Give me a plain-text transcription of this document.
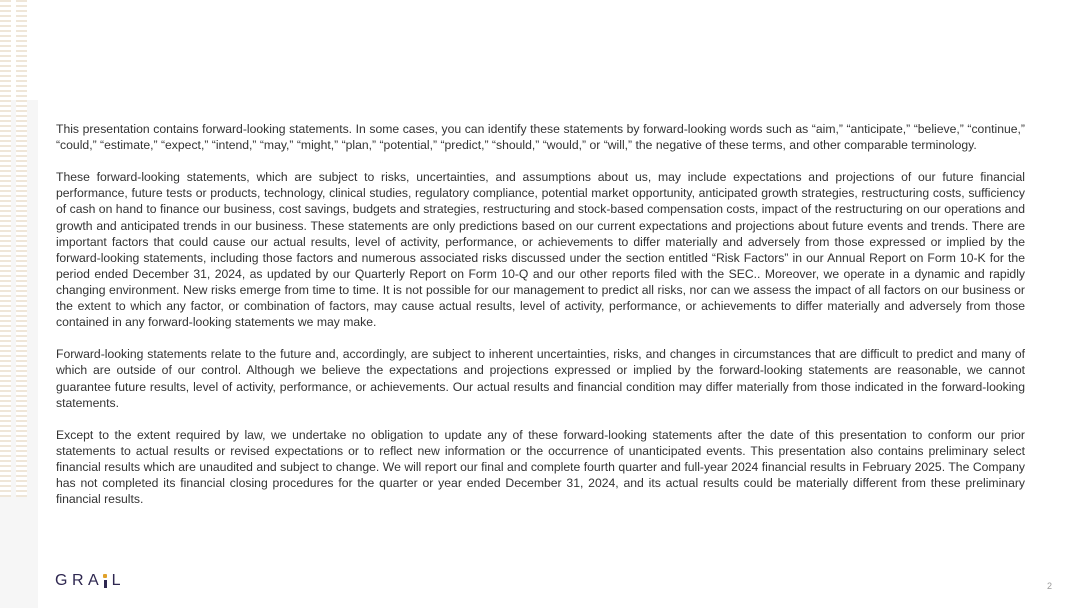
This presentation contains forward-looking statements. In some cases, you can identify these statements by forward-looking words such as “aim,” “anticipate,” “believe,” “continue,” “could,” “estimate,” “expect,” “intend,” “may,” “might,” “plan,” “potential,” “predict,” “should,” “would,” or “will,” the negative of these terms, and other comparable terminology.

These forward-looking statements, which are subject to risks, uncertainties, and assumptions about us, may include expectations and projections of our future financial performance, future tests or products, technology, clinical studies, regulatory compliance, potential market opportunity, anticipated growth strategies, restructuring costs, sufficiency of cash on hand to finance our business, cost savings, budgets and strategies, restructuring and stock-based compensation costs, impact of the restructuring on our operations and growth and anticipated trends in our business. These statements are only predictions based on our current expectations and projections about future events and trends. There are important factors that could cause our actual results, level of activity, performance, or achievements to differ materially and adversely from those expressed or implied by the forward-looking statements, including those factors and numerous associated risks discussed under the section entitled “Risk Factors” in our Annual Report on Form 10-K for the period ended December 31, 2024, as updated by our Quarterly Report on Form 10-Q and our other reports filed with the SEC.. Moreover, we operate in a dynamic and rapidly changing environment. New risks emerge from time to time. It is not possible for our management to predict all risks, nor can we assess the impact of all factors on our business or the extent to which any factor, or combination of factors, may cause actual results, level of activity, performance, or achievements to differ materially and adversely from those contained in any forward-looking statements we may make.

Forward-looking statements relate to the future and, accordingly, are subject to inherent uncertainties, risks, and changes in circumstances that are difficult to predict and many of which are outside of our control. Although we believe the expectations and projections expressed or implied by the forward-looking statements are reasonable, we cannot guarantee future results, level of activity, performance, or achievements. Our actual results and financial condition may differ materially from those indicated in the forward-looking statements.

Except to the extent required by law, we undertake no obligation to update any of these forward-looking statements after the date of this presentation to conform our prior statements to actual results or revised expectations or to reflect new information or the occurrence of unanticipated events. This presentation also contains preliminary select financial results which are unaudited and subject to change. We will report our final and complete fourth quarter and full-year 2024 financial results in February 2025. The Company has not completed its financial closing procedures for the quarter or year ended December 31, 2024, and its actual results could be materially different from these preliminary financial results.

GRA L	2
